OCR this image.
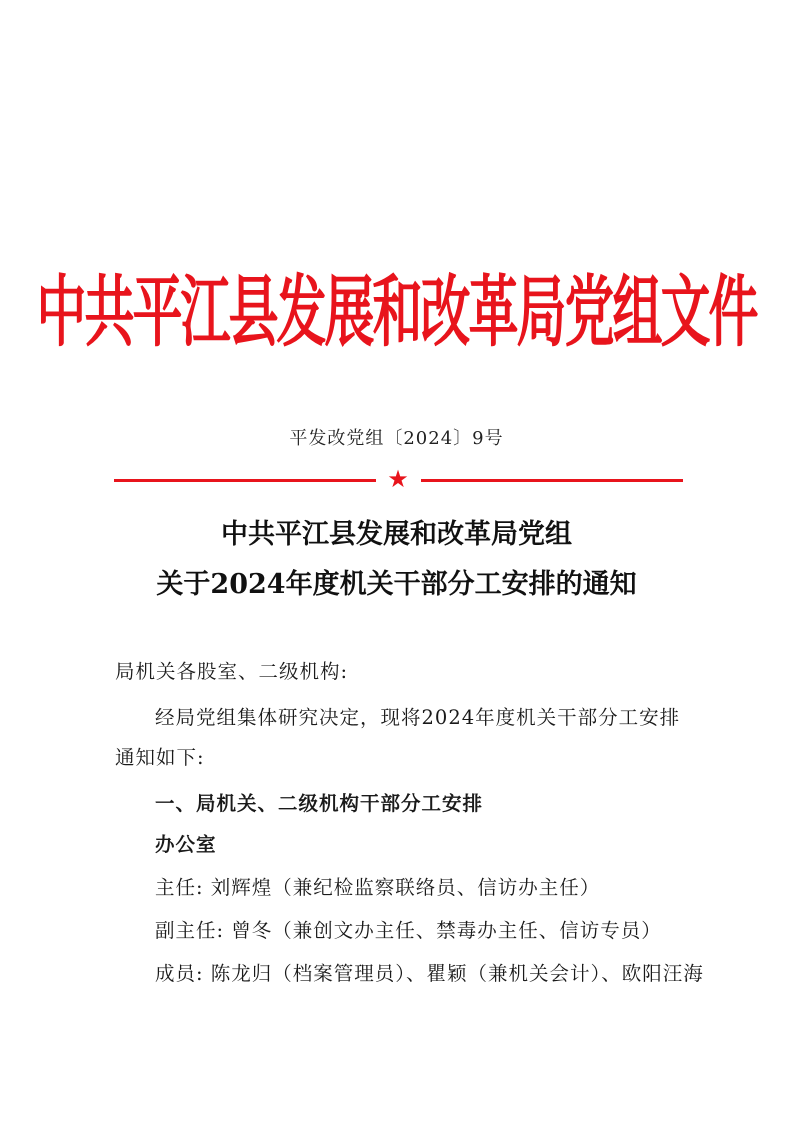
中共平江县发展和改革局党组文件
平发改党组〔2024〕9号
★
中共平江县发展和改革局党组
关于2024年度机关干部分工安排的通知
局机关各股室、二级机构:
经局党组集体研究决定，现将2024年度机关干部分工安排
通知如下:
一、局机关、二级机构干部分工安排
办公室
主任: 刘辉煌（兼纪检监察联络员、信访办主任）
副主任: 曾冬（兼创文办主任、禁毒办主任、信访专员）
成员: 陈龙归（档案管理员）、瞿颖（兼机关会计）、欧阳汪海
